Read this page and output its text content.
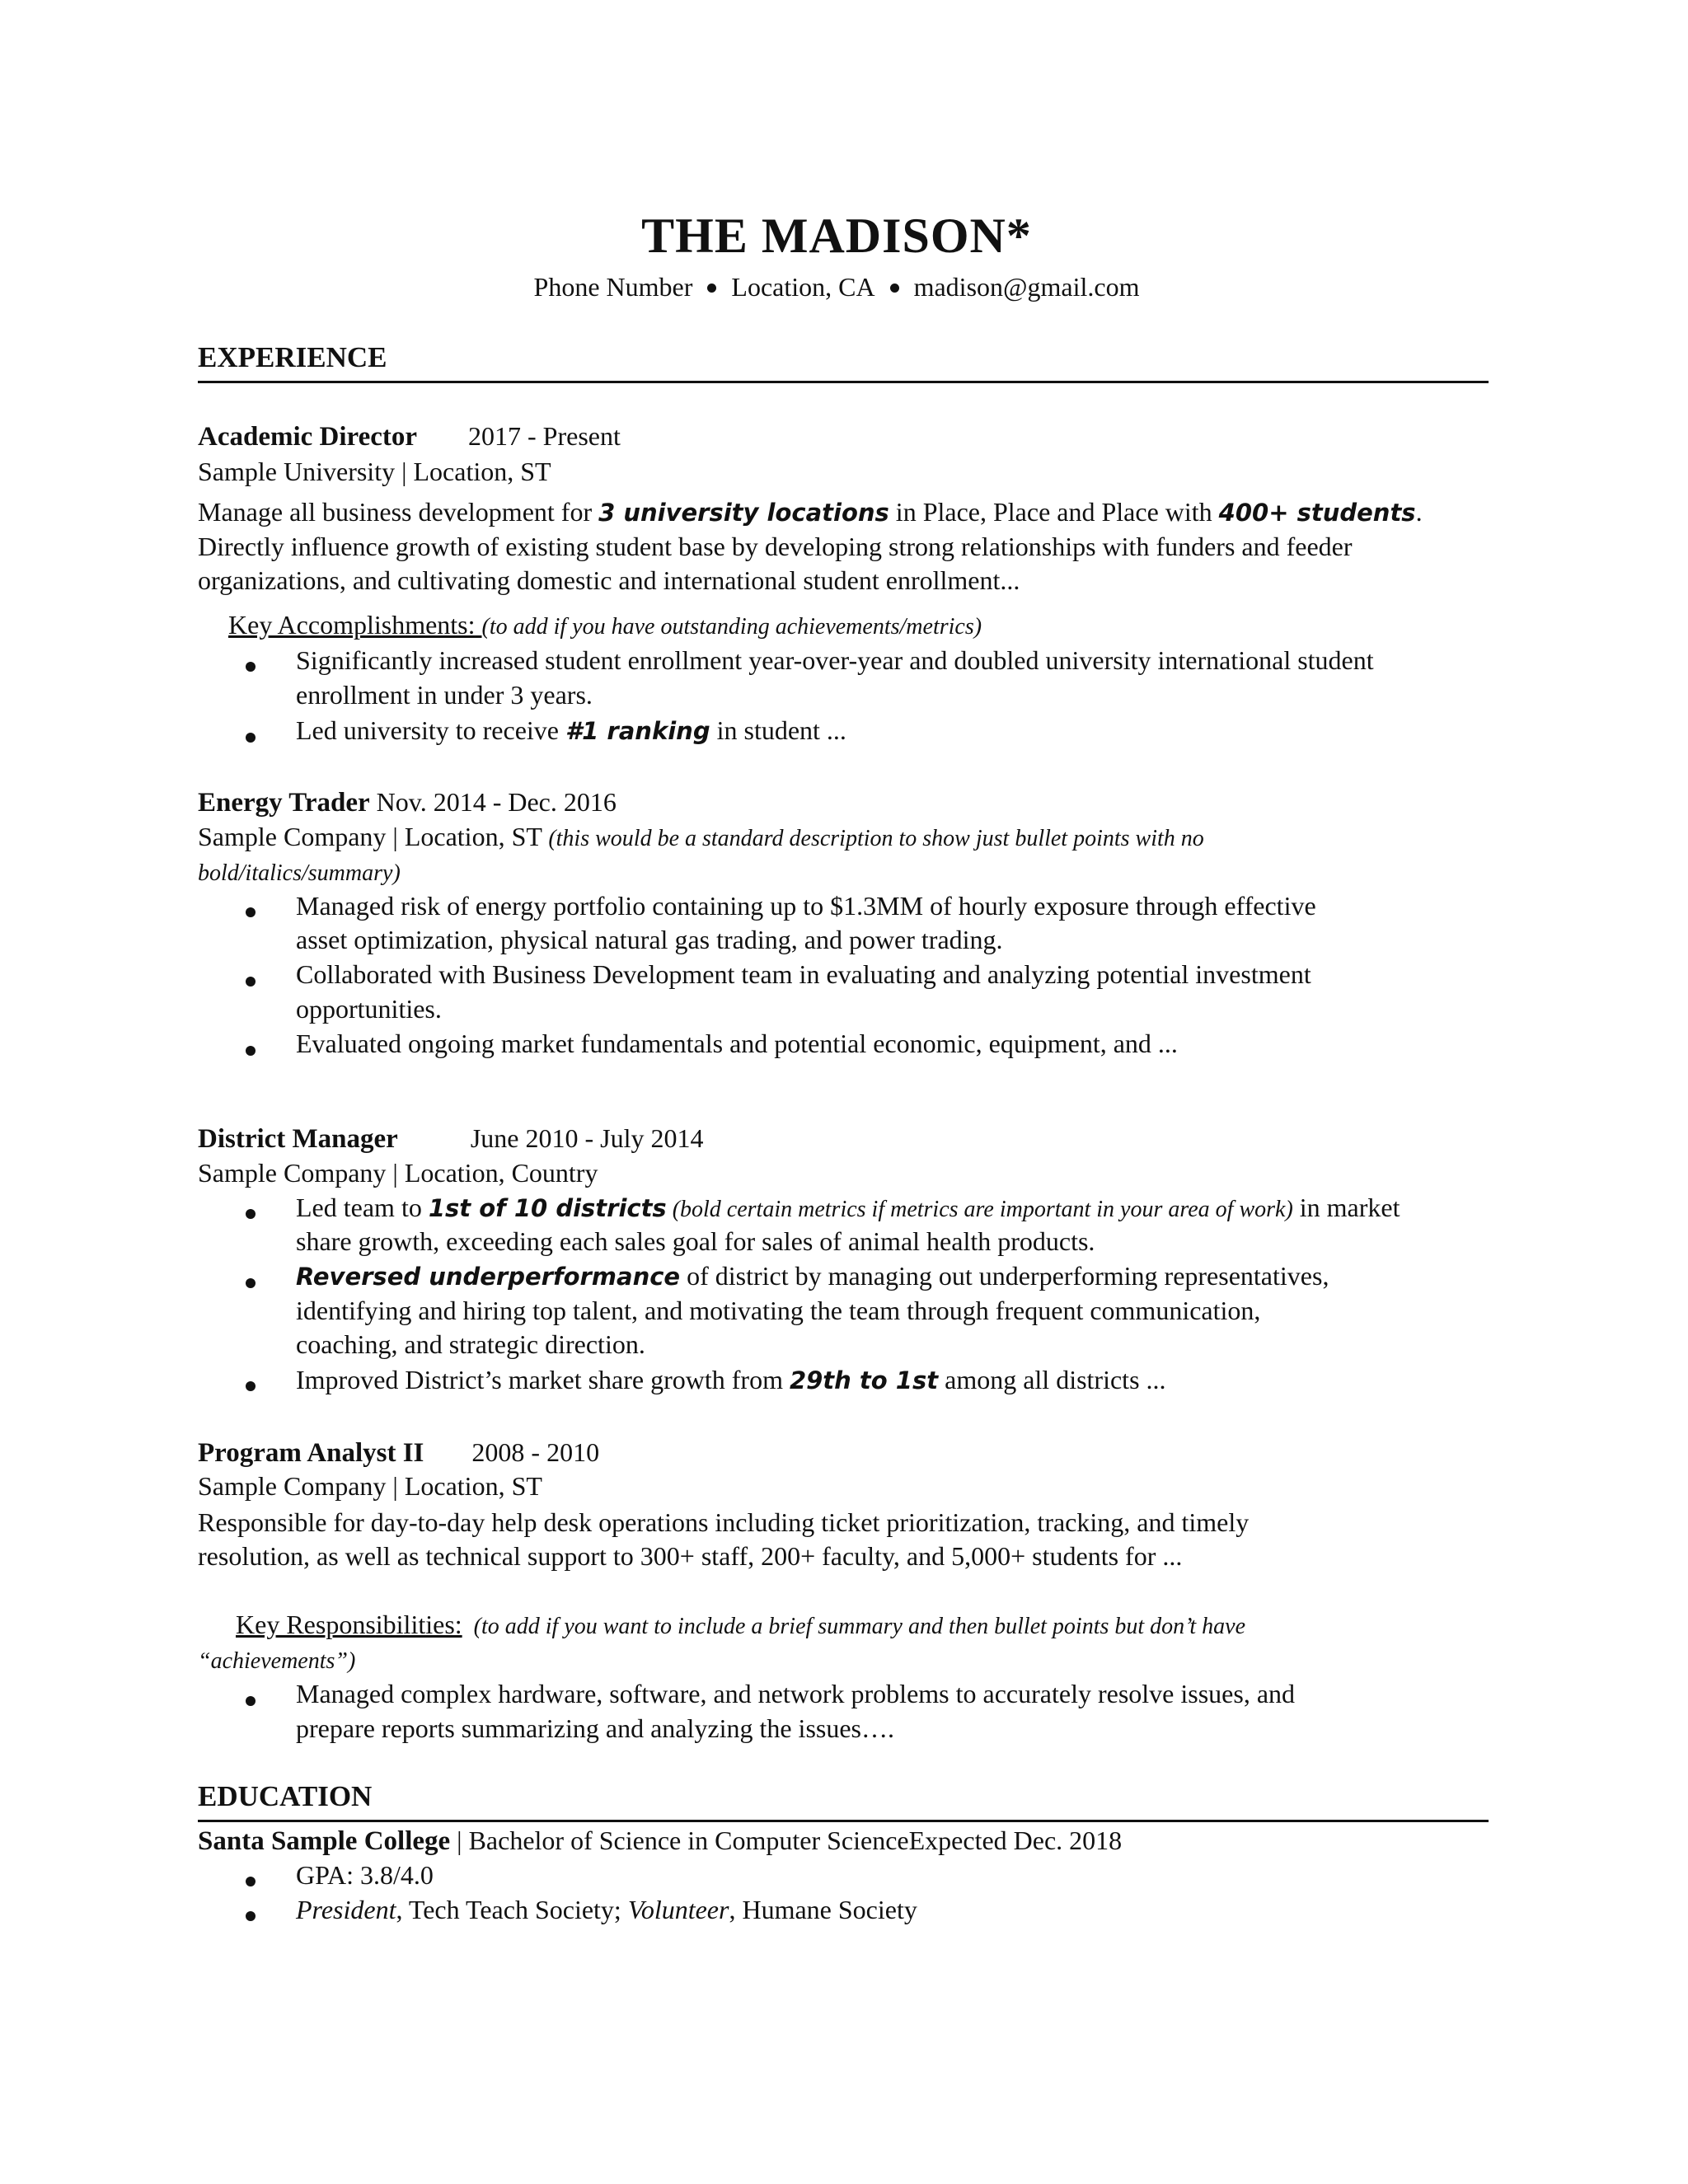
THE MADISON*
Phone Number Location, CA madison@gmail.com
EXPERIENCE
Academic Director 2017 - Present
Sample University | Location, ST
Manage all business development for 3 university locations in Place, Place and Place with 400+ students.
Directly influence growth of existing student base by developing strong relationships with funders and feeder
organizations, and cultivating domestic and international student enrollment...
Key Accomplishments: (to add if you have outstanding achievements/metrics)
Significantly increased student enrollment year-over-year and doubled university international student
enrollment in under 3 years.
Led university to receive #1 ranking in student ...
Energy Trader Nov. 2014 - Dec. 2016
Sample Company | Location, ST (this would be a standard description to show just bullet points with no
bold/italics/summary)
Managed risk of energy portfolio containing up to $1.3MM of hourly exposure through effective
asset optimization, physical natural gas trading, and power trading.
Collaborated with Business Development team in evaluating and analyzing potential investment
opportunities.
Evaluated ongoing market fundamentals and potential economic, equipment, and ...
District Manager	June 2010 - July 2014
Sample Company | Location, Country
Led team to 1st of 10 districts (bold certain metrics if metrics are important in your area of work) in market
share growth, exceeding each sales goal for sales of animal health products.
Reversed underperformance of district by managing out underperforming representatives,
identifying and hiring top talent, and motivating the team through frequent communication,
coaching, and strategic direction.
Improved District’s market share growth from 29th to 1st among all districts ...
Program Analyst II 2008 - 2010
Sample Company | Location, ST
Responsible for day-to-day help desk operations including ticket prioritization, tracking, and timely
resolution, as well as technical support to 300+ staff, 200+ faculty, and 5,000+ students for ...
Key Responsibilities: (to add if you want to include a brief summary and then bullet points but don’t have
“achievements”)
Managed complex hardware, software, and network problems to accurately resolve issues, and
prepare reports summarizing and analyzing the issues….
EDUCATION
Santa Sample College | Bachelor of Science in Computer ScienceExpected Dec. 2018
GPA: 3.8/4.0
President, Tech Teach Society; Volunteer, Humane Society
